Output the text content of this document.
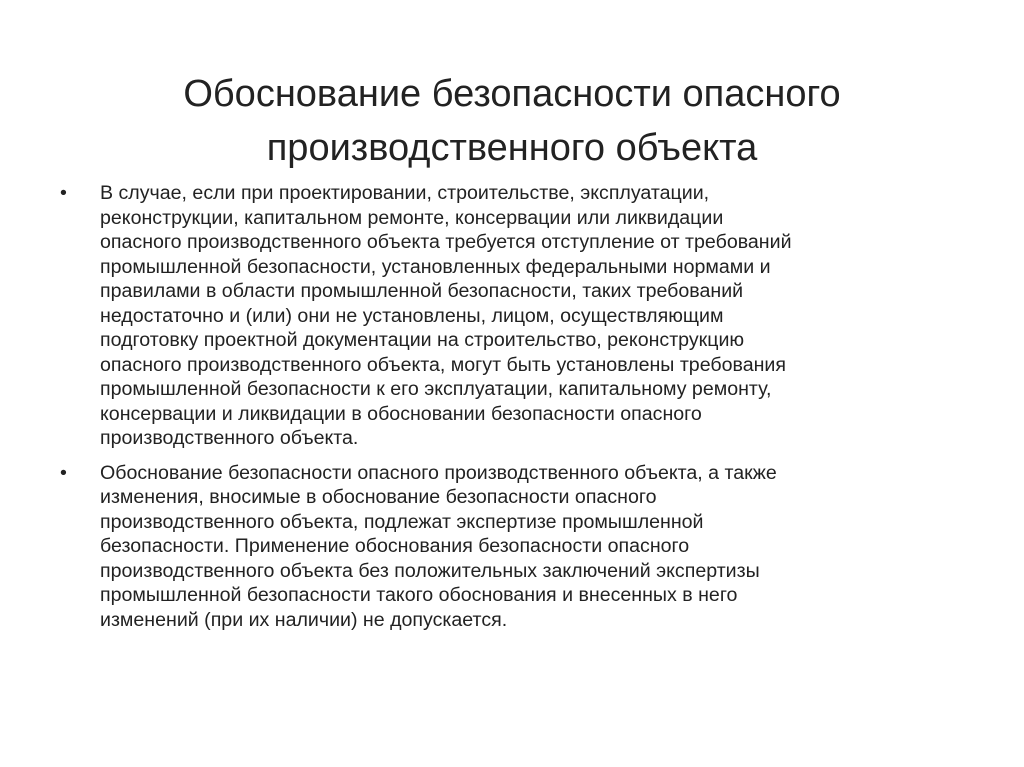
Обоснование безопасности опасного
производственного объекта
•	В случае, если при проектировании, строительстве, эксплуатации,
реконструкции, капитальном ремонте, консервации или ликвидации
опасного производственного объекта требуется отступление от требований
промышленной безопасности, установленных федеральными нормами и
правилами в области промышленной безопасности, таких требований
недостаточно и (или) они не установлены, лицом, осуществляющим
подготовку проектной документации на строительство, реконструкцию
опасного производственного объекта, могут быть установлены требования
промышленной безопасности к его эксплуатации, капитальному ремонту,
консервации и ликвидации в обосновании безопасности опасного
производственного объекта.
•	Обоснование безопасности опасного производственного объекта, а также
изменения, вносимые в обоснование безопасности опасного
производственного объекта, подлежат экспертизе промышленной
безопасности. Применение обоснования безопасности опасного
производственного объекта без положительных заключений экспертизы
промышленной безопасности такого обоснования и внесенных в него
изменений (при их наличии) не допускается.
